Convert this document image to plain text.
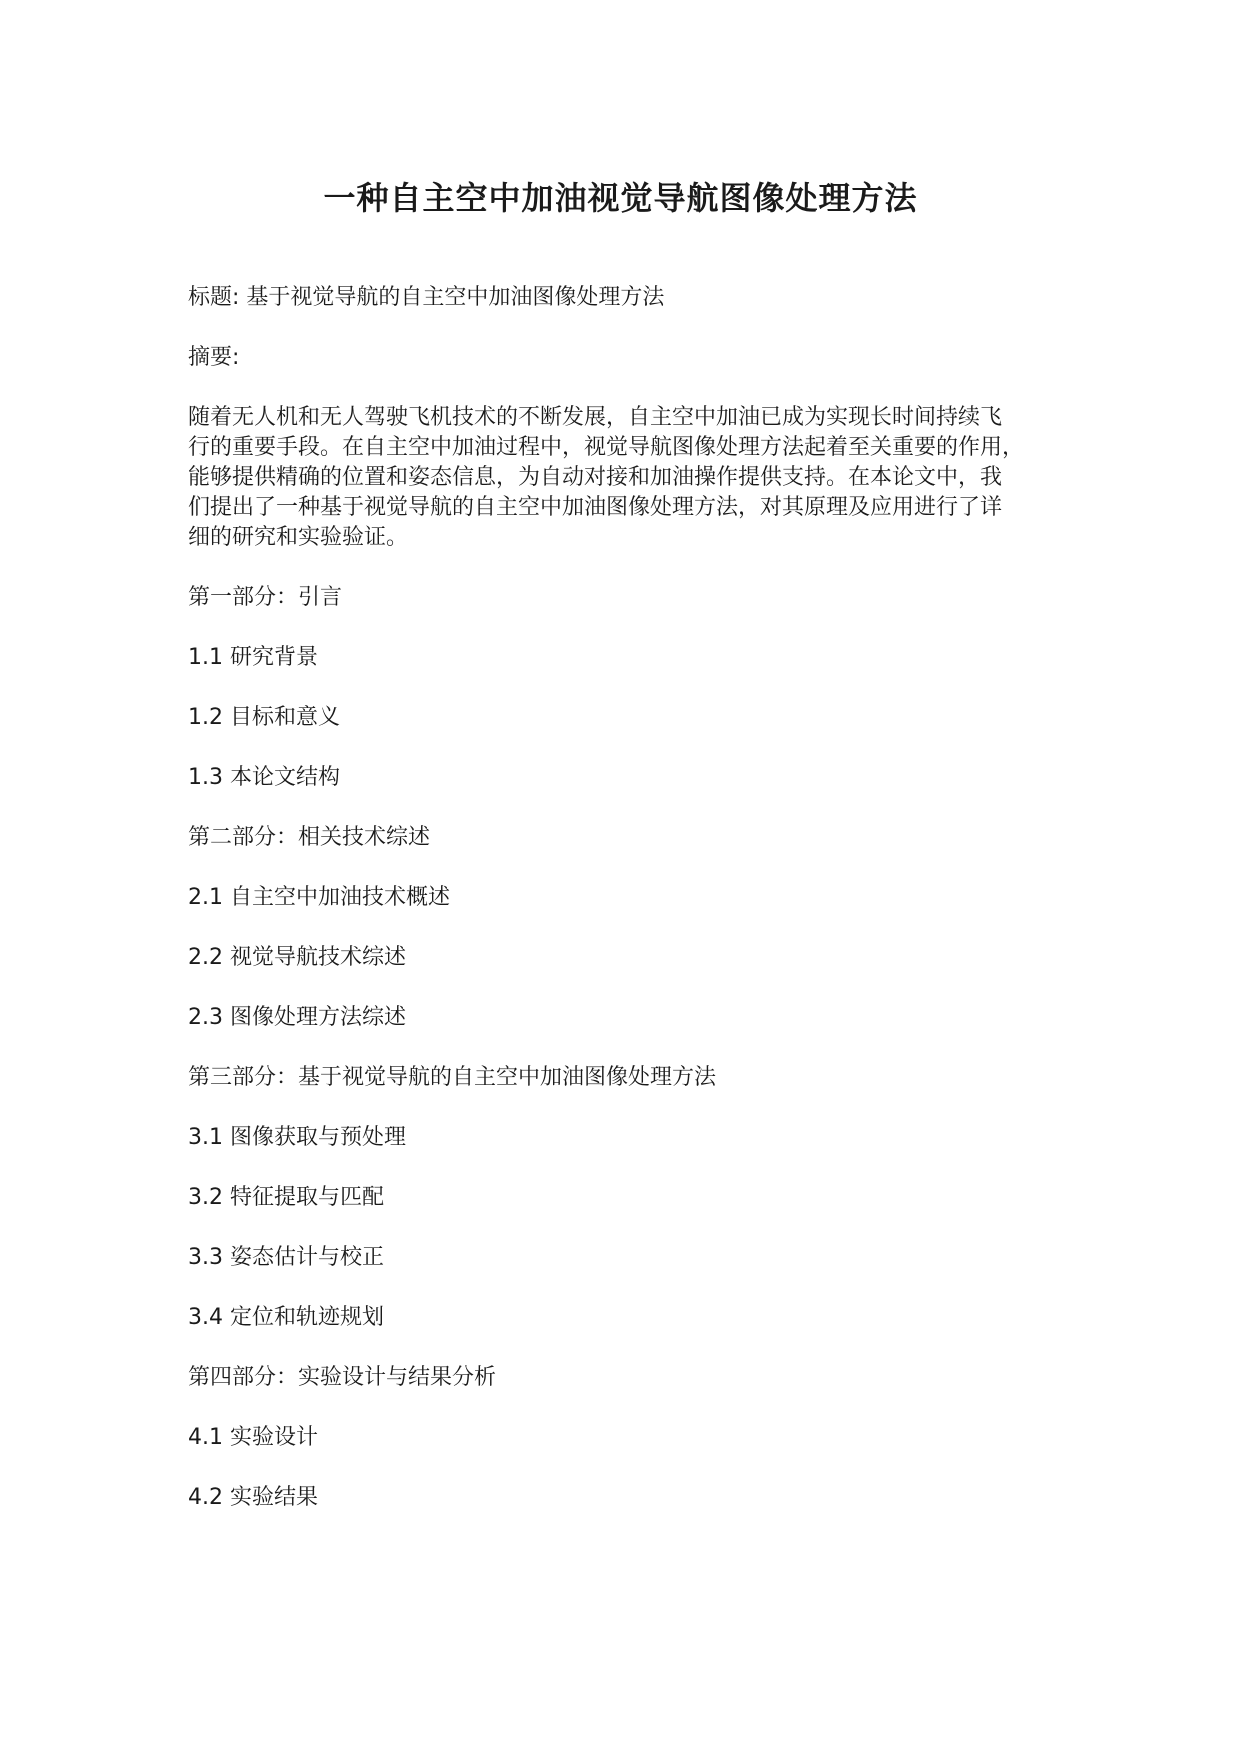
一种自主空中加油视觉导航图像处理方法

标题: 基于视觉导航的自主空中加油图像处理方法

摘要:

随着无人机和无人驾驶飞机技术的不断发展，自主空中加油已成为实现长时间持续飞
行的重要手段。在自主空中加油过程中，视觉导航图像处理方法起着至关重要的作用，
能够提供精确的位置和姿态信息，为自动对接和加油操作提供支持。在本论文中，我
们提出了一种基于视觉导航的自主空中加油图像处理方法，对其原理及应用进行了详
细的研究和实验验证。

第一部分：引言

1.1 研究背景

1.2 目标和意义

1.3 本论文结构

第二部分：相关技术综述

2.1 自主空中加油技术概述

2.2 视觉导航技术综述

2.3 图像处理方法综述

第三部分：基于视觉导航的自主空中加油图像处理方法

3.1 图像获取与预处理

3.2 特征提取与匹配

3.3 姿态估计与校正

3.4 定位和轨迹规划

第四部分：实验设计与结果分析

4.1 实验设计

4.2 实验结果
